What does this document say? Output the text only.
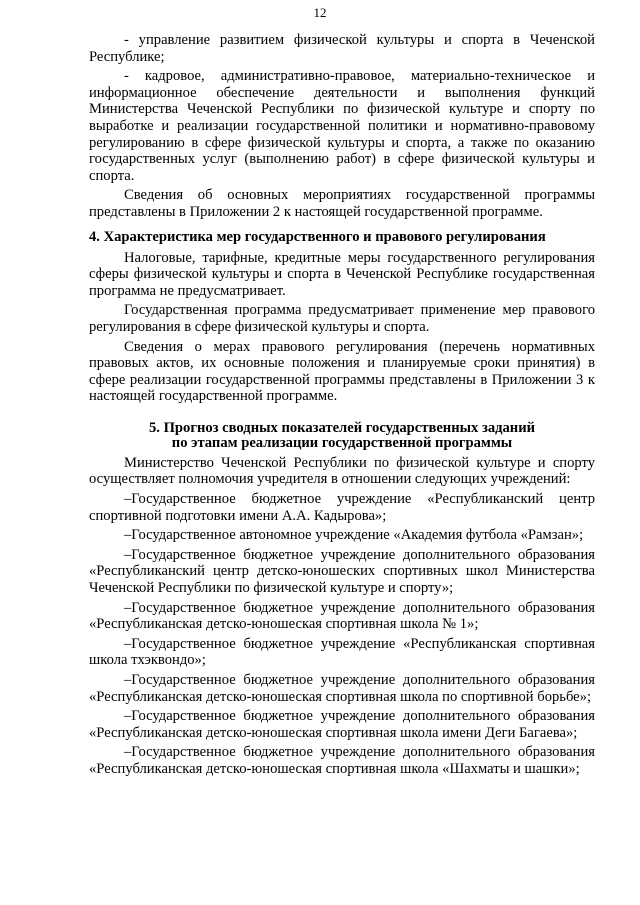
12

- управление развитием физической культуры и спорта в Чеченской Республике;

- кадровое, административно-правовое, материально-техническое и информационное обеспечение деятельности и выполнения функций Министерства Чеченской Республики по физической культуре и спорту по выработке и реализации государственной политики и нормативно-правовому регулированию в сфере физической культуры и спорта, а также по оказанию государственных услуг (выполнению работ) в сфере физической культуры и спорта.

Сведения об основных мероприятиях государственной программы представлены в Приложении 2 к настоящей государственной программе.

4. Характеристика мер государственного и правового регулирования

Налоговые, тарифные, кредитные меры государственного регулирования сферы физической культуры и спорта в Чеченской Республике государственная программа не предусматривает.

Государственная программа предусматривает применение мер правового регулирования в сфере физической культуры и спорта.

Сведения о мерах правового регулирования (перечень нормативных правовых актов, их основные положения и планируемые сроки принятия) в сфере реализации государственной программы представлены в Приложении 3 к настоящей государственной программе.

5. Прогноз сводных показателей государственных заданий
по этапам реализации государственной программы

Министерство Чеченской Республики по физической культуре и спорту осуществляет полномочия учредителя в отношении следующих учреждений:

–Государственное бюджетное учреждение «Республиканский центр спортивной подготовки имени А.А. Кадырова»;

–Государственное автономное учреждение «Академия футбола «Рамзан»;

–Государственное бюджетное учреждение дополнительного образования «Республиканский центр детско-юношеских спортивных школ Министерства Чеченской Республики по физической культуре и спорту»;

–Государственное бюджетное учреждение дополнительного образования «Республиканская детско-юношеская спортивная школа № 1»;

–Государственное бюджетное учреждение «Республиканская спортивная школа тхэквондо»;

–Государственное бюджетное учреждение дополнительного образования «Республиканская детско-юношеская спортивная школа по спортивной борьбе»;

–Государственное бюджетное учреждение дополнительного образования «Республиканская детско-юношеская спортивная школа имени Деги Багаева»;

–Государственное бюджетное учреждение дополнительного образования «Республиканская детско-юношеская спортивная школа «Шахматы и шашки»;
